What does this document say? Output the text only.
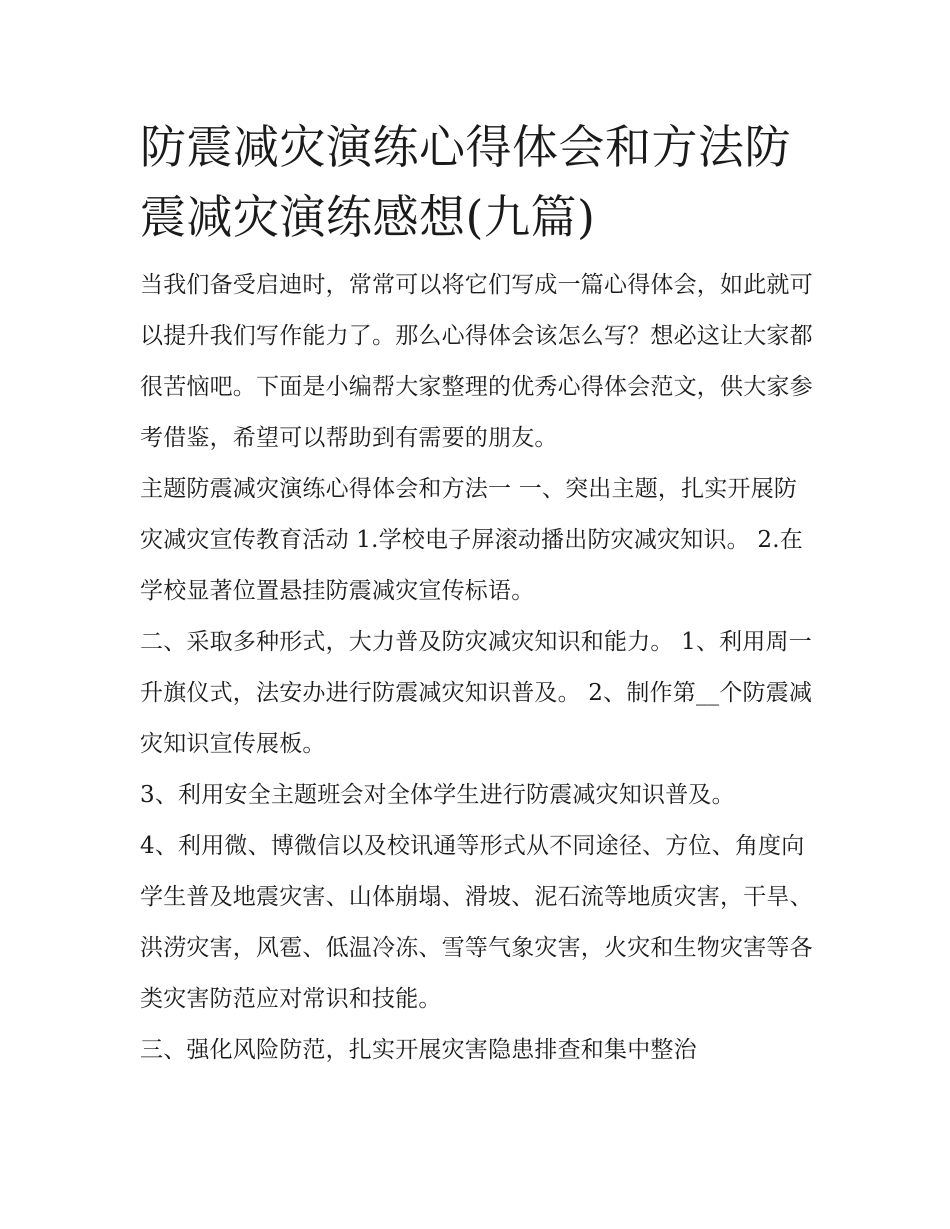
防震减灾演练心得体会和方法防震减灾演练感想(九篇)

当我们备受启迪时，常常可以将它们写成一篇心得体会，如此就可以提升我们写作能力了。那么心得体会该怎么写？想必这让大家都很苦恼吧。下面是小编帮大家整理的优秀心得体会范文，供大家参考借鉴，希望可以帮助到有需要的朋友。

主题防震减灾演练心得体会和方法一 一、突出主题，扎实开展防灾减灾宣传教育活动 1.学校电子屏滚动播出防灾减灾知识。 2.在学校显著位置悬挂防震减灾宣传标语。

二、采取多种形式，大力普及防灾减灾知识和能力。 1、利用周一升旗仪式，法安办进行防震减灾知识普及。 2、制作第__个防震减灾知识宣传展板。

3、利用安全主题班会对全体学生进行防震减灾知识普及。

4、利用微、博微信以及校讯通等形式从不同途径、方位、角度向学生普及地震灾害、山体崩塌、滑坡、泥石流等地质灾害，干旱、洪涝灾害，风雹、低温冷冻、雪等气象灾害，火灾和生物灾害等各类灾害防范应对常识和技能。

三、强化风险防范，扎实开展灾害隐患排查和集中整治
